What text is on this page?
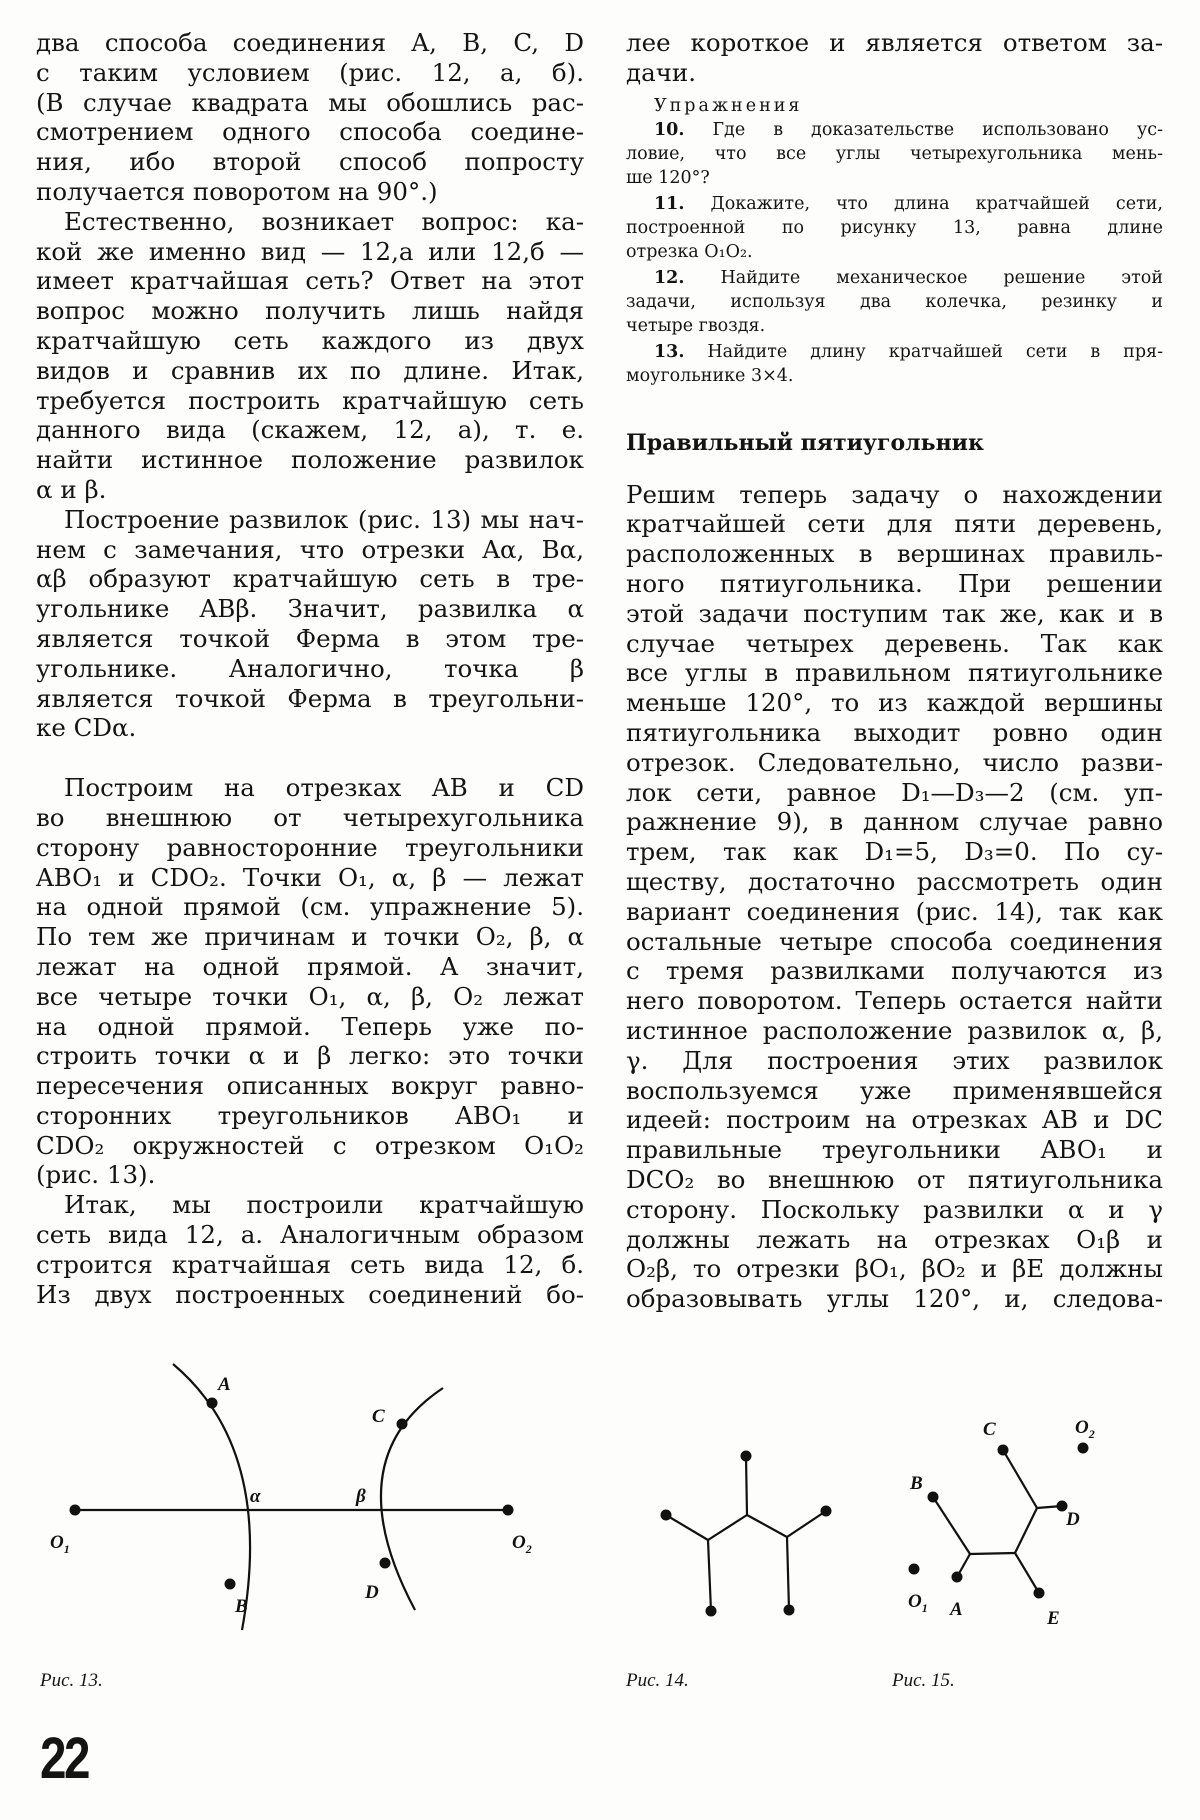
два способа соединения A, B, C, D
с таким условием (рис. 12, а, б).
(В случае квадрата мы обошлись рас-
смотрением одного способа соедине-
ния, ибо второй способ попросту
получается поворотом на 90°.)
Естественно, возникает вопрос: ка-
кой же именно вид — 12,а или 12,б —
имеет кратчайшая сеть? Ответ на этот
вопрос можно получить лишь найдя
кратчайшую сеть каждого из двух
видов и сравнив их по длине. Итак,
требуется построить кратчайшую сеть
данного вида (скажем, 12, а), т. е.
найти истинное положение развилок
α и β.
Построение развилок (рис. 13) мы нач-
нем с замечания, что отрезки Aα, Bα,
αβ образуют кратчайшую сеть в тре-
угольнике ABβ. Значит, развилка α
является точкой Ферма в этом тре-
угольнике. Аналогично, точка β
является точкой Ферма в треугольни-
ке CDα.
Построим на отрезках AB и CD
во внешнюю от четырехугольника
сторону равносторонние треугольники
ABO₁ и CDO₂. Точки O₁, α, β — лежат
на одной прямой (см. упражнение 5).
По тем же причинам и точки O₂, β, α
лежат на одной прямой. А значит,
все четыре точки O₁, α, β, O₂ лежат
на одной прямой. Теперь уже по-
строить точки α и β легко: это точки
пересечения описанных вокруг равно-
сторонних треугольников ABO₁ и
CDO₂ окружностей с отрезком O₁O₂
(рис. 13).
Итак, мы построили кратчайшую
сеть вида 12, а. Аналогичным образом
строится кратчайшая сеть вида 12, б.
Из двух построенных соединений бо-
лее короткое и является ответом за-
дачи.
Упражнения
10. Где в доказательстве использовано ус-
ловие, что все углы четырехугольника мень-
ше 120°?
11. Докажите, что длина кратчайшей сети,
построенной по рисунку 13, равна длине
отрезка O₁O₂.
12. Найдите механическое решение этой
задачи, используя два колечка, резинку и
четыре гвоздя.
13. Найдите длину кратчайшей сети в пря-
моугольнике 3×4.
Правильный пятиугольник
Решим теперь задачу о нахождении
кратчайшей сети для пяти деревень,
расположенных в вершинах правиль-
ного пятиугольника. При решении
этой задачи поступим так же, как и в
случае четырех деревень. Так как
все углы в правильном пятиугольнике
меньше 120°, то из каждой вершины
пятиугольника выходит ровно один
отрезок. Следовательно, число разви-
лок сети, равное D₁—D₃—2 (см. уп-
ражнение 9), в данном случае равно
трем, так как D₁=5, D₃=0. По су-
ществу, достаточно рассмотреть один
вариант соединения (рис. 14), так как
остальные четыре способа соединения
с тремя развилками получаются из
него поворотом. Теперь остается найти
истинное расположение развилок α, β,
γ. Для построения этих развилок
воспользуемся уже применявшейся
идеей: построим на отрезках AB и DC
правильные треугольники ABO₁ и
DCO₂ во внешнюю от пятиугольника
сторону. Поскольку развилки α и γ
должны лежать на отрезках O₁β и
O₂β, то отрезки βO₁, βO₂ и βE должны
образовывать углы 120°, и, следова-
A
B
C
D
α	β
$O_1$	$O_2$
B
C
D
A	E
$O_1$
$O_2$
Рис. 13.	Рис. 14.	Рис. 15.
22
